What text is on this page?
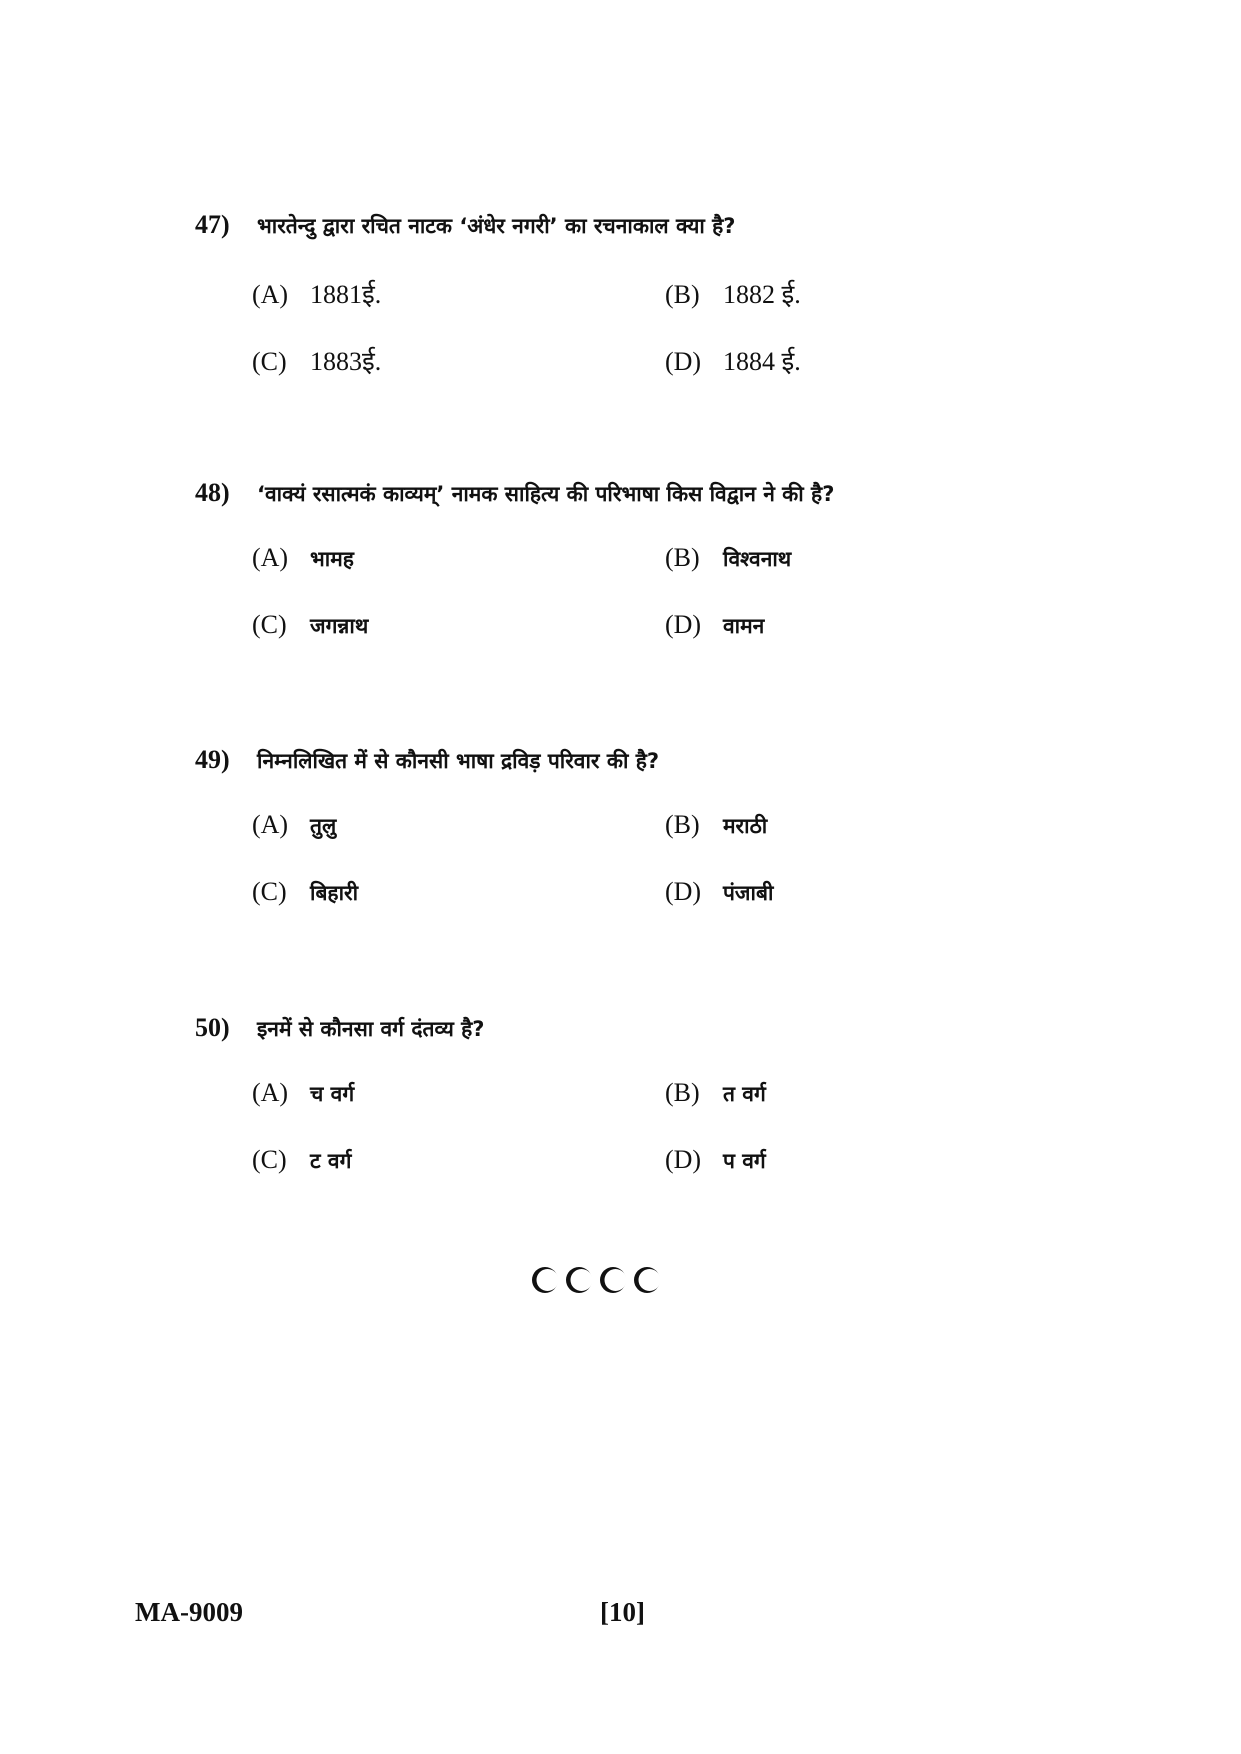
47)	भारतेन्दु द्वारा रचित नाटक ‘अंधेर नगरी’ का रचनाकाल क्या है?
(A) 1881ई.	(B) 1882 ई.
(C) 1883ई.	(D) 1884 ई.
48)	‘वाक्यं रसात्मकं काव्यम्’ नामक साहित्य की परिभाषा किस विद्वान ने की है?
(A)	भामह	(B)	विश्वनाथ
(C)	जगन्नाथ	(D)	वामन
49)	निम्नलिखित में से कौनसी भाषा द्रविड़ परिवार की है?
(A)	तुलु	(B)	मराठी
(C)	बिहारी	(D)	पंजाबी
50)	इनमें से कौनसा वर्ग दंतव्य है?
(A)	च वर्ग	(B)	त वर्ग
(C)	ट वर्ग	(D)	प वर्ग
MA-9009	[10]
